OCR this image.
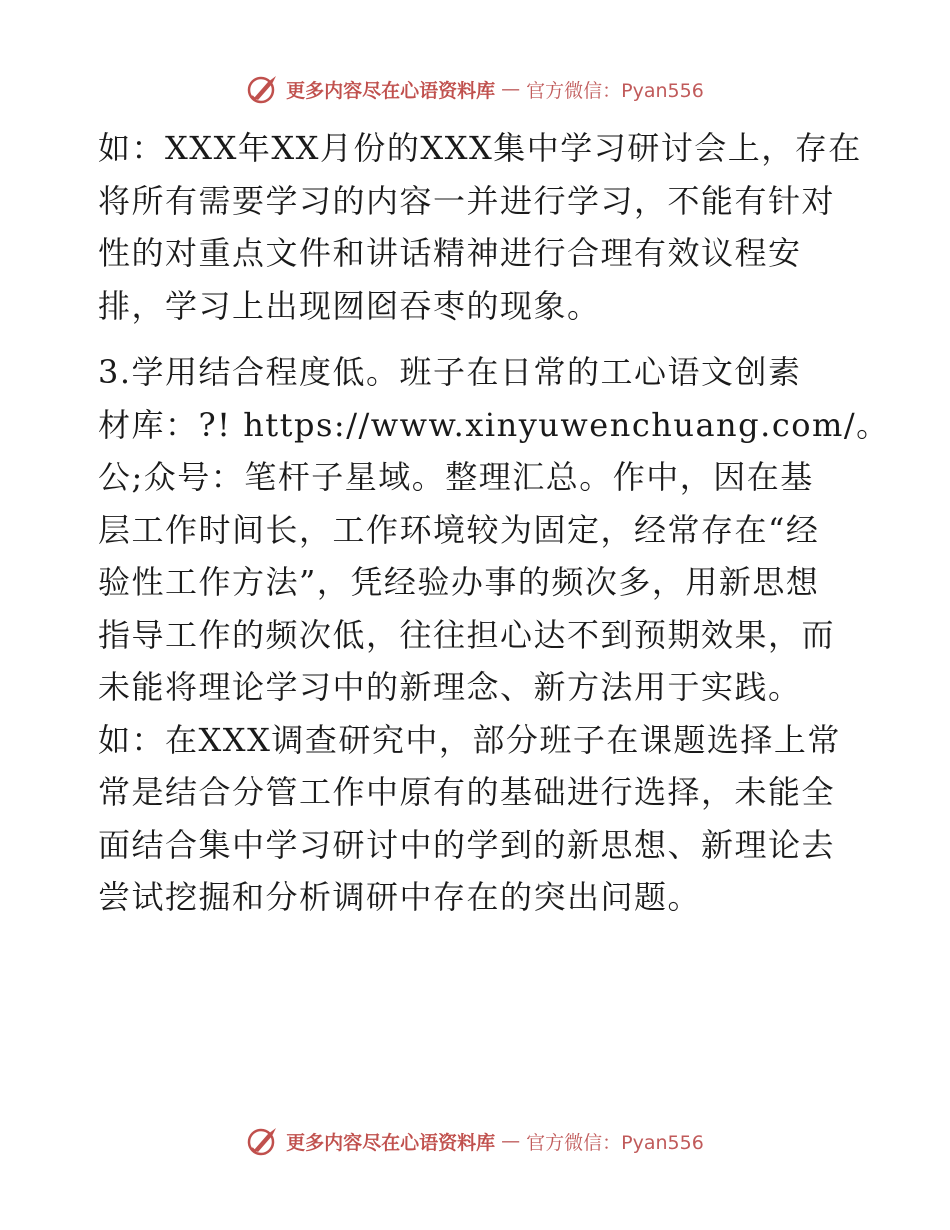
更多内容尽在心语资料库 — 官方微信：Pyan556
如：XXX年XX月份的XXX集中学习研讨会上，存在
将所有需要学习的内容一并进行学习，不能有针对
性的对重点文件和讲话精神进行合理有效议程安
排，学习上出现囫囵吞枣的现象。
3.学用结合程度低。班子在日常的工心语文创素
材库：?! https://www.xinyuwenchuang.com/。
公;众号：笔杆子星域。整理汇总。作中，因在基
层工作时间长，工作环境较为固定，经常存在“经
验性工作方法”，凭经验办事的频次多，用新思想
指导工作的频次低，往往担心达不到预期效果，而
未能将理论学习中的新理念、新方法用于实践。
如：在XXX调查研究中，部分班子在课题选择上常
常是结合分管工作中原有的基础进行选择，未能全
面结合集中学习研讨中的学到的新思想、新理论去
尝试挖掘和分析调研中存在的突出问题。
更多内容尽在心语资料库 — 官方微信：Pyan556
